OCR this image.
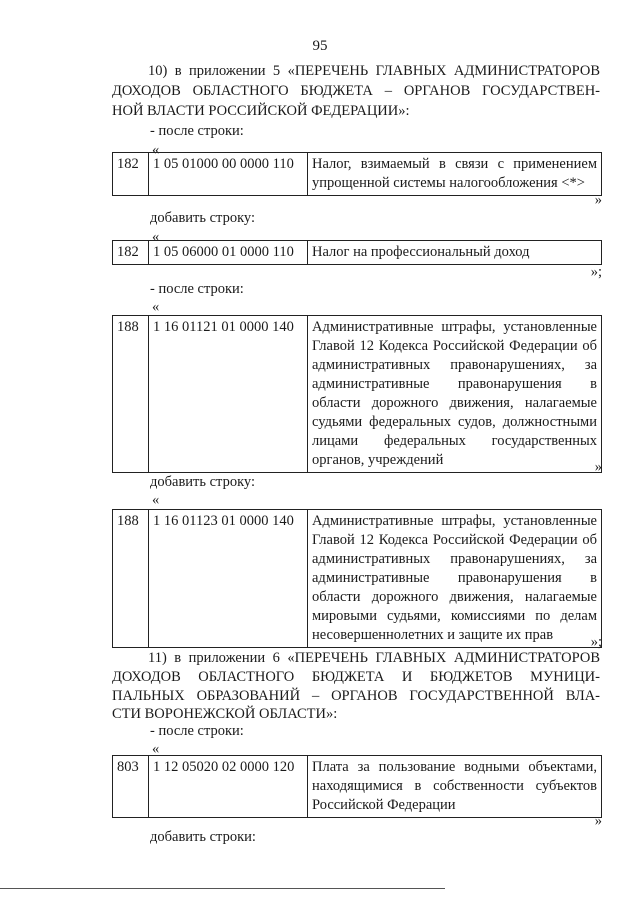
95
10) в приложении 5 «ПЕРЕЧЕНЬ ГЛАВНЫХ АДМИНИСТРАТОРОВ
ДОХОДОВ ОБЛАСТНОГО БЮДЖЕТА – ОРГАНОВ ГОСУДАРСТВЕН-
НОЙ ВЛАСТИ РОССИЙСКОЙ ФЕДЕРАЦИИ»:
- после строки:
«
182	1 05 01000 00 0000 110	Налог, взимаемый в связи с применением упрощенной системы налогообложения <*>
»
добавить строку:
«
182	1 05 06000 01 0000 110	Налог на профессиональный доход
»;
- после строки:
«
188	1 16 01121 01 0000 140	Административные штрафы, установленные Главой 12 Кодекса Российской Федерации об административных правонарушениях, за административные правонарушения в области дорожного движения, налагаемые судьями федеральных судов, должностными лицами федеральных государственных органов, учреждений	»
добавить строку:
«
188	1 16 01123 01 0000 140	Административные штрафы, установленные Главой 12 Кодекса Российской Федерации об административных правонарушениях, за административные правонарушения в области дорожного движения, налагаемые мировыми судьями, комиссиями по делам несовершеннолетних и защите их прав	»;
11) в приложении 6 «ПЕРЕЧЕНЬ ГЛАВНЫХ АДМИНИСТРАТОРОВ
ДОХОДОВ ОБЛАСТНОГО БЮДЖЕТА И БЮДЖЕТОВ МУНИЦИ-
ПАЛЬНЫХ ОБРАЗОВАНИЙ – ОРГАНОВ ГОСУДАРСТВЕННОЙ ВЛА-
СТИ ВОРОНЕЖСКОЙ ОБЛАСТИ»:
- после строки:
«
803	1 12 05020 02 0000 120	Плата за пользование водными объектами, находящимися в собственности субъектов Российской Федерации
»
добавить строки:
